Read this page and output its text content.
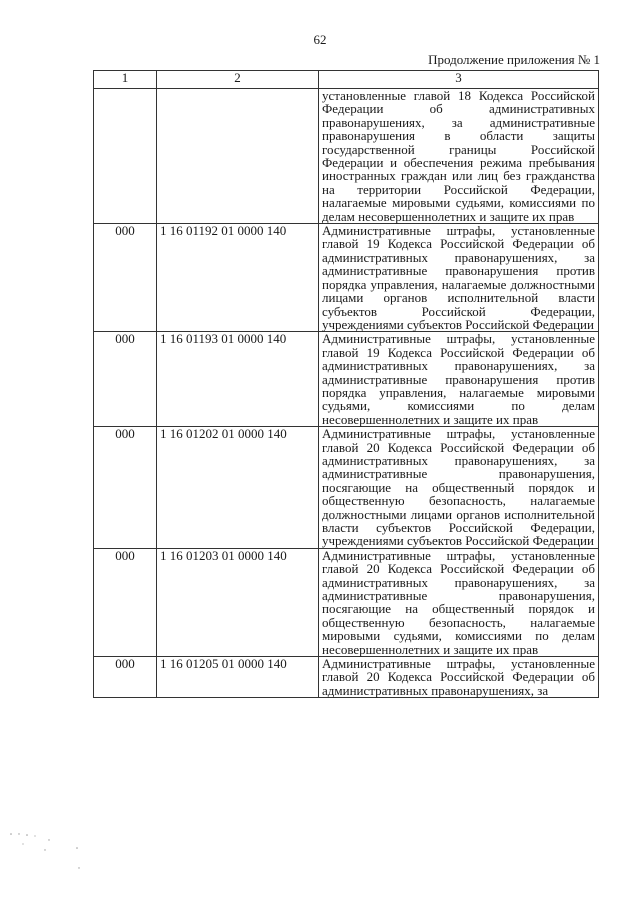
62
Продолжение приложения № 1
1	2	3
		установленные главой 18 Кодекса Российской Федерации об административных правонарушениях, за административные правонарушения в области защиты государственной границы Российской Федерации и обеспечения режима пребывания иностранных граждан или лиц без гражданства на территории Российской Федерации, налагаемые мировыми судьями, комиссиями по делам несовершеннолетних и защите их прав
000	1 16 01192 01 0000 140	Административные штрафы, установленные главой 19 Кодекса Российской Федерации об административных правонарушениях, за административные правонарушения против порядка управления, налагаемые должностными лицами органов исполнительной власти субъектов Российской Федерации, учреждениями субъектов Российской Федерации
000	1 16 01193 01 0000 140	Административные штрафы, установленные главой 19 Кодекса Российской Федерации об административных правонарушениях, за административные правонарушения против порядка управления, налагаемые мировыми судьями, комиссиями по делам несовершеннолетних и защите их прав
000	1 16 01202 01 0000 140	Административные штрафы, установленные главой 20 Кодекса Российской Федерации об административных правонарушениях, за административные правонарушения, посягающие на общественный порядок и общественную безопасность, налагаемые должностными лицами органов исполнительной власти субъектов Российской Федерации, учреждениями субъектов Российской Федерации
000	1 16 01203 01 0000 140	Административные штрафы, установленные главой 20 Кодекса Российской Федерации об административных правонарушениях, за административные правонарушения, посягающие на общественный порядок и общественную безопасность, налагаемые мировыми судьями, комиссиями по делам несовершеннолетних и защите их прав
000	1 16 01205 01 0000 140	Административные штрафы, установленные главой 20 Кодекса Российской Федерации об административных правонарушениях, за
